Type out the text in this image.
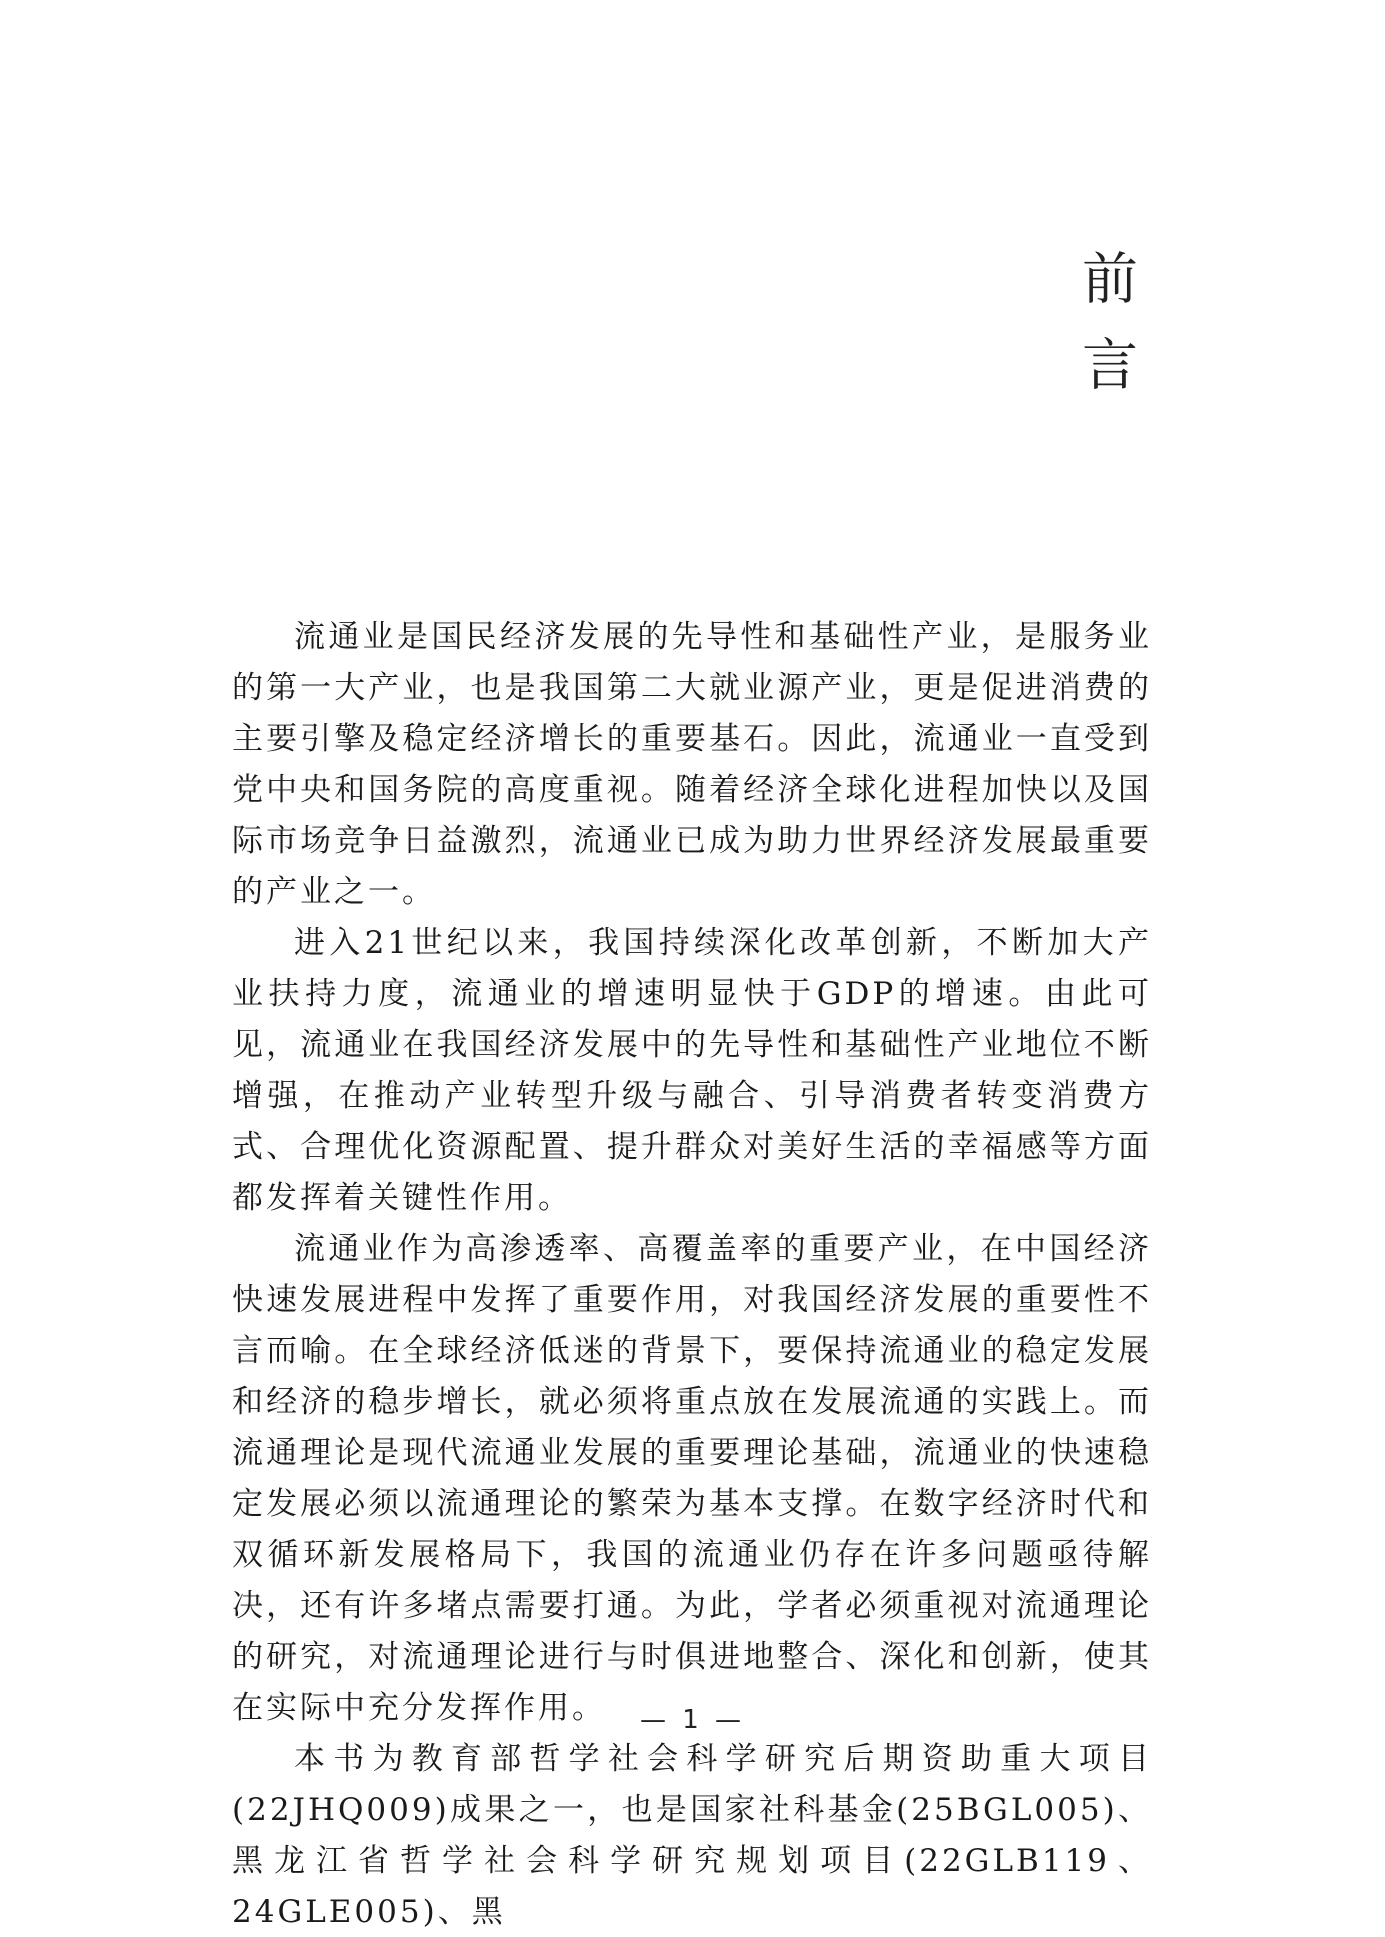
前言

流通业是国民经济发展的先导性和基础性产业，是服务业的第一大产业，也是我国第二大就业源产业，更是促进消费的主要引擎及稳定经济增长的重要基石。因此，流通业一直受到党中央和国务院的高度重视。随着经济全球化进程加快以及国际市场竞争日益激烈，流通业已成为助力世界经济发展最重要的产业之一。

进入21世纪以来，我国持续深化改革创新，不断加大产业扶持力度，流通业的增速明显快于GDP的增速。由此可见，流通业在我国经济发展中的先导性和基础性产业地位不断增强，在推动产业转型升级与融合、引导消费者转变消费方式、合理优化资源配置、提升群众对美好生活的幸福感等方面都发挥着关键性作用。

流通业作为高渗透率、高覆盖率的重要产业，在中国经济快速发展进程中发挥了重要作用，对我国经济发展的重要性不言而喻。在全球经济低迷的背景下，要保持流通业的稳定发展和经济的稳步增长，就必须将重点放在发展流通的实践上。而流通理论是现代流通业发展的重要理论基础，流通业的快速稳定发展必须以流通理论的繁荣为基本支撑。在数字经济时代和双循环新发展格局下，我国的流通业仍存在许多问题亟待解决，还有许多堵点需要打通。为此，学者必须重视对流通理论的研究，对流通理论进行与时俱进地整合、深化和创新，使其在实际中充分发挥作用。

本书为教育部哲学社会科学研究后期资助重大项目(22JHQ009)成果之一，也是国家社科基金(25BGL005)、黑龙江省哲学社会科学研究规划项目(22GLB119、24GLE005)、黑

— 1 —
